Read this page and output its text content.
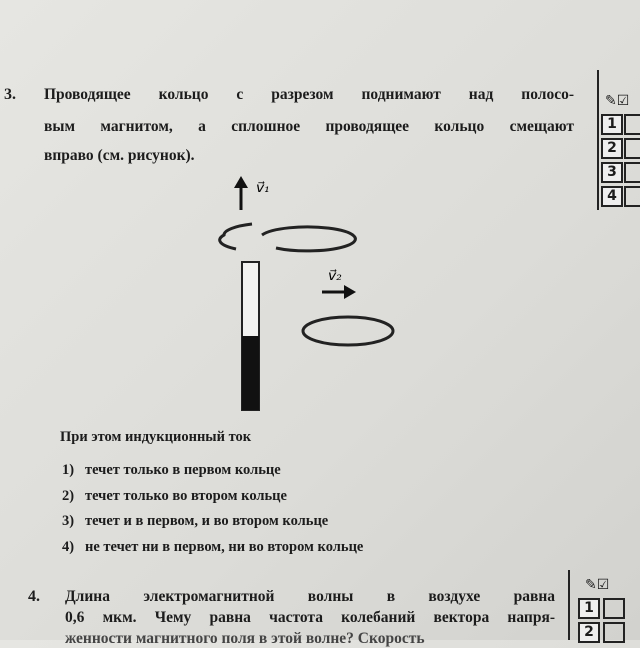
3. Проводящее кольцо с разрезом поднимают над полосо-
вым магнитом, а сплошное проводящее кольцо смещают
вправо (см. рисунок).
v⃗₁
v⃗₂
При этом индукционный ток
1) течет только в первом кольце
2) течет только во втором кольце
3) течет и в первом, и во втором кольце
4) не течет ни в первом, ни во втором кольце
✎☑
1
2
3
4
4. Длина электромагнитной волны в воздухе равна
0,6 мкм. Чему равна частота колебаний вектора напря-
женности магнитного поля в этой волне? Скорость
✎☑
1
2
